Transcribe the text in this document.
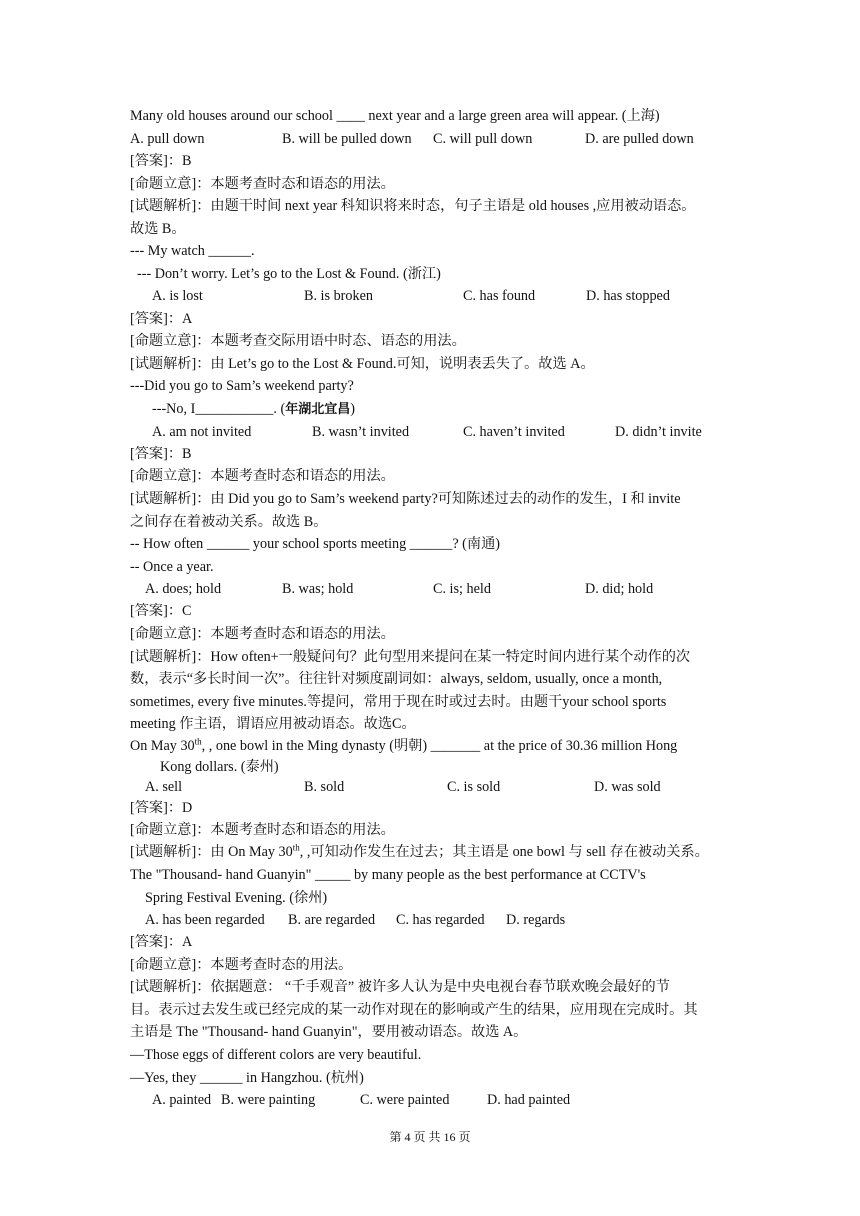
Many old houses around our school ____ next year and a large green area will appear. (上海)
A. pull down	B. will be pulled down C. will pull down	D. are pulled down
[答案]：B
[命题立意]：本题考查时态和语态的用法。
[试题解析]：由题干时间 next year 科知识将来时态，句子主语是 old houses ,应用被动语态。
故选 B。
--- My watch ______.
--- Don’t worry. Let’s go to the Lost & Found. (浙江)
A. is lost	B. is broken	C. has found	D. has stopped
[答案]：A
[命题立意]：本题考查交际用语中时态、语态的用法。
[试题解析]：由 Let’s go to the Lost & Found.可知，说明表丢失了。故选 A。
---Did you go to Sam’s weekend party?
---No, I___________. (年湖北宜昌)
A. am not invited	B. wasn’t invited	C. haven’t invited	D. didn’t invite
[答案]：B
[命题立意]：本题考查时态和语态的用法。
[试题解析]：由 Did you go to Sam’s weekend party?可知陈述过去的动作的发生，I 和 invite
之间存在着被动关系。故选 B。
-- How often ______ your school sports meeting ______? (南通)
-- Once a year.
A. does; hold	B. was; hold	C. is; held	D. did; hold
[答案]：C
[命题立意]：本题考查时态和语态的用法。
[试题解析]：How often+一般疑问句？此句型用来提问在某一特定时间内进行某个动作的次
数，表示“多长时间一次”。往往针对频度副词如：always, seldom, usually, once a month,
sometimes, every five minutes.等提问，常用于现在时或过去时。由题干your school sports
meeting 作主语，谓语应用被动语态。故选C。
On May 30th, , one bowl in the Ming dynasty (明朝) _______ at the price of 30.36 million Hong
Kong dollars. (泰州)
A. sell	B. sold	C. is sold	D. was sold
[答案]：D
[命题立意]：本题考查时态和语态的用法。
[试题解析]：由 On May 30th, ,可知动作发生在过去；其主语是 one bowl 与 sell 存在被动关系。
The "Thousand- hand Guanyin" _____ by many people as the best performance at CCTV's
Spring Festival Evening. (徐州)
A. has been regarded B. are regarded C. has regarded D. regards
[答案]：A
[命题立意]：本题考查时态的用法。
[试题解析]：依据题意： “千手观音” 被许多人认为是中央电视台春节联欢晚会最好的节
目。表示过去发生或已经完成的某一动作对现在的影响或产生的结果，应用现在完成时。其
主语是 The "Thousand- hand Guanyin"，要用被动语态。故选 A。
—Those eggs of different colors are very beautiful.
—Yes, they ______ in Hangzhou. (杭州)
A. painted B. were painting	C. were painted	D. had painted
第 4 页 共 16 页
